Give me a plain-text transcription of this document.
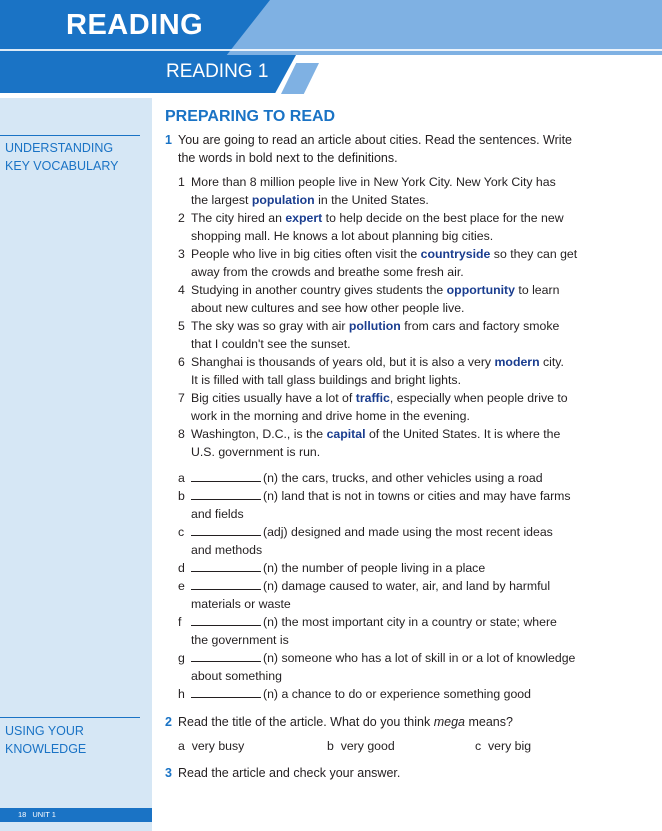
READING
READING 1
UNDERSTANDING
KEY VOCABULARY
USING YOUR
KNOWLEDGE
18 UNIT 1
PREPARING TO READ
1 You are going to read an article about cities. Read the sentences. Write
the words in bold next to the definitions.
1 More than 8 million people live in New York City. New York City has
the largest population in the United States.
2 The city hired an expert to help decide on the best place for the new
shopping mall. He knows a lot about planning big cities.
3 People who live in big cities often visit the countryside so they can get
away from the crowds and breathe some fresh air.
4 Studying in another country gives students the opportunity to learn
about new cultures and see how other people live.
5 The sky was so gray with air pollution from cars and factory smoke
that I couldn't see the sunset.
6 Shanghai is thousands of years old, but it is also a very modern city.
It is filled with tall glass buildings and bright lights.
7 Big cities usually have a lot of traffic, especially when people drive to
work in the morning and drive home in the evening.
8 Washington, D.C., is the capital of the United States. It is where the
U.S. government is run.
a	(n) the cars, trucks, and other vehicles using a road
b	(n) land that is not in towns or cities and may have farms
and fields
c	(adj) designed and made using the most recent ideas
and methods
d	(n) the number of people living in a place
e	(n) damage caused to water, air, and land by harmful
materials or waste
f	(n) the most important city in a country or state; where
the government is
g	(n) someone who has a lot of skill in or a lot of knowledge
about something
h	(n) a chance to do or experience something good
2 Read the title of the article. What do you think mega means?
a very busy	b very good	c very big
3 Read the article and check your answer.
